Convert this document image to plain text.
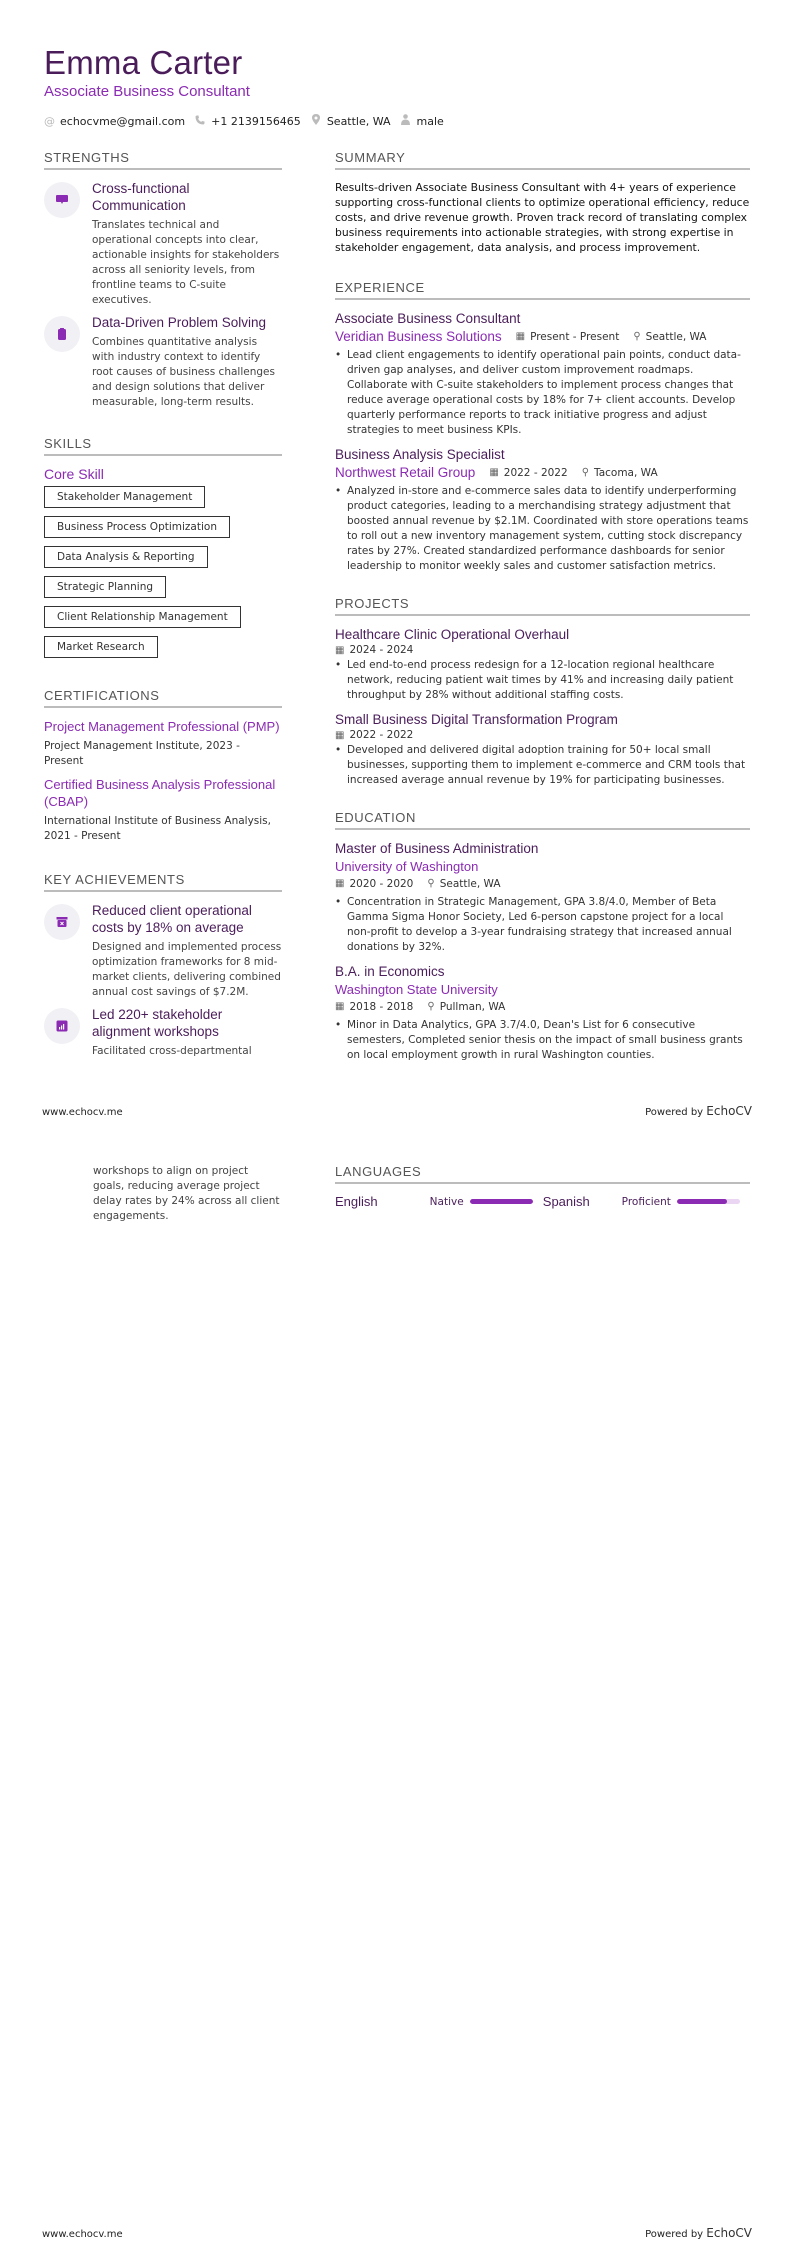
Emma Carter
Associate Business Consultant
@ echocvme@gmail.com +1 2139156465 Seattle, WA male
STRENGTHS
Cross-functional Communication
Translates technical and operational concepts into clear, actionable insights for stakeholders across all seniority levels, from frontline teams to C-suite executives.
Data-Driven Problem Solving
Combines quantitative analysis with industry context to identify root causes of business challenges and design solutions that deliver measurable, long-term results.
SKILLS
Core Skill
Stakeholder Management
Business Process Optimization
Data Analysis & Reporting
Strategic Planning
Client Relationship Management
Market Research
CERTIFICATIONS
Project Management Professional (PMP)
Project Management Institute, 2023 - Present
Certified Business Analysis Professional (CBAP)
International Institute of Business Analysis, 2021 - Present
KEY ACHIEVEMENTS
Reduced client operational costs by 18% on average
Designed and implemented process optimization frameworks for 8 mid-market clients, delivering combined annual cost savings of $7.2M.
Led 220+ stakeholder alignment workshops
Facilitated cross-departmental
SUMMARY
Results-driven Associate Business Consultant with 4+ years of experience supporting cross-functional clients to optimize operational efficiency, reduce costs, and drive revenue growth. Proven track record of translating complex business requirements into actionable strategies, with strong expertise in stakeholder engagement, data analysis, and process improvement.
EXPERIENCE
Associate Business Consultant
Veridian Business Solutions ▦ Present - Present ⚲ Seattle, WA
• Lead client engagements to identify operational pain points, conduct data-driven gap analyses, and deliver custom improvement roadmaps. Collaborate with C-suite stakeholders to implement process changes that reduce average operational costs by 18% for 7+ client accounts. Develop quarterly performance reports to track initiative progress and adjust strategies to meet business KPIs.
Business Analysis Specialist
Northwest Retail Group ▦ 2022 - 2022 ⚲ Tacoma, WA
• Analyzed in-store and e-commerce sales data to identify underperforming product categories, leading to a merchandising strategy adjustment that boosted annual revenue by $2.1M. Coordinated with store operations teams to roll out a new inventory management system, cutting stock discrepancy rates by 27%. Created standardized performance dashboards for senior leadership to monitor weekly sales and customer satisfaction metrics.
PROJECTS
Healthcare Clinic Operational Overhaul
▦ 2024 - 2024
• Led end-to-end process redesign for a 12-location regional healthcare network, reducing patient wait times by 41% and increasing daily patient throughput by 28% without additional staffing costs.
Small Business Digital Transformation Program
▦ 2022 - 2022
• Developed and delivered digital adoption training for 50+ local small businesses, supporting them to implement e-commerce and CRM tools that increased average annual revenue by 19% for participating businesses.
EDUCATION
Master of Business Administration
University of Washington
▦ 2020 - 2020 ⚲ Seattle, WA
• Concentration in Strategic Management, GPA 3.8/4.0, Member of Beta Gamma Sigma Honor Society, Led 6-person capstone project for a local non-profit to develop a 3-year fundraising strategy that increased annual donations by 32%.
B.A. in Economics
Washington State University
▦ 2018 - 2018 ⚲ Pullman, WA
• Minor in Data Analytics, GPA 3.7/4.0, Dean's List for 6 consecutive semesters, Completed senior thesis on the impact of small business grants on local employment growth in rural Washington counties.
www.echocv.me	Powered by EchoCV
workshops to align on project goals, reducing average project delay rates by 24% across all client engagements.
LANGUAGES
English	Native	Spanish	Proficient
www.echocv.me	Powered by EchoCV
